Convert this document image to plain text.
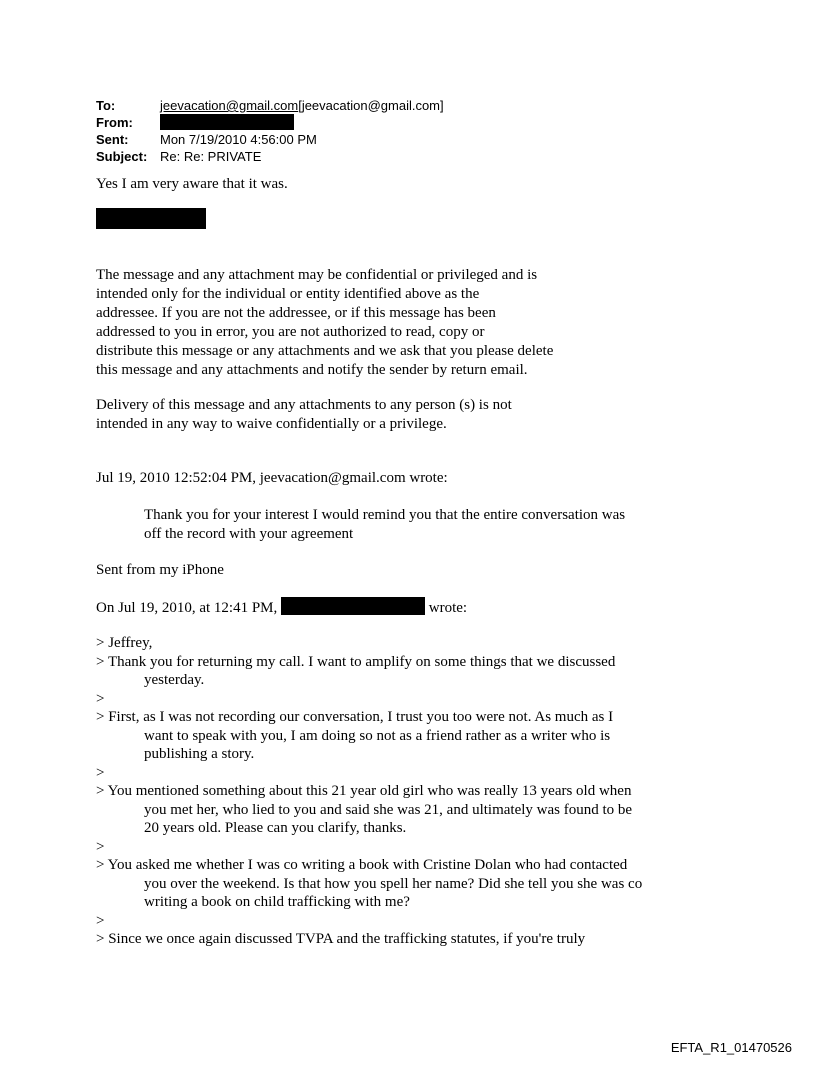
To:	jeevacation@gmail.com[jeevacation@gmail.com]
From:
Sent:	Mon 7/19/2010 4:56:00 PM
Subject: Re: Re: PRIVATE
Yes I am very aware that it was.

The message and any attachment may be confidential or privileged and is

intended only for the individual or entity identified above as the

addressee. If you are not the addressee, or if this message has been

addressed to you in error, you are not authorized to read, copy or

distribute this message or any attachments and we ask that you please delete

this message and any attachments and notify the sender by return email.

Delivery of this message and any attachments to any person (s) is not

intended in any way to waive confidentially or a privilege.

Jul 19, 2010 12:52:04 PM, jeevacation@gmail.com wrote:

Thank you for your interest I would remind you that the entire conversation was

off the record with your agreement

Sent from my iPhone
On Jul 19, 2010, at 12:41 PM,	wrote:
> Jeffrey,
> Thank you for returning my call. I want to amplify on some things that we discussed
yesterday.
>
> First, as I was not recording our conversation, I trust you too were not. As much as I
want to speak with you, I am doing so not as a friend rather as a writer who is
publishing a story.
>
> You mentioned something about this 21 year old girl who was really 13 years old when
you met her, who lied to you and said she was 21, and ultimately was found to be
20 years old. Please can you clarify, thanks.
>
> You asked me whether I was co writing a book with Cristine Dolan who had contacted
you over the weekend. Is that how you spell her name? Did she tell you she was co
writing a book on child trafficking with me?
>
> Since we once again discussed TVPA and the trafficking statutes, if you're truly
EFTA_R1_01470526
